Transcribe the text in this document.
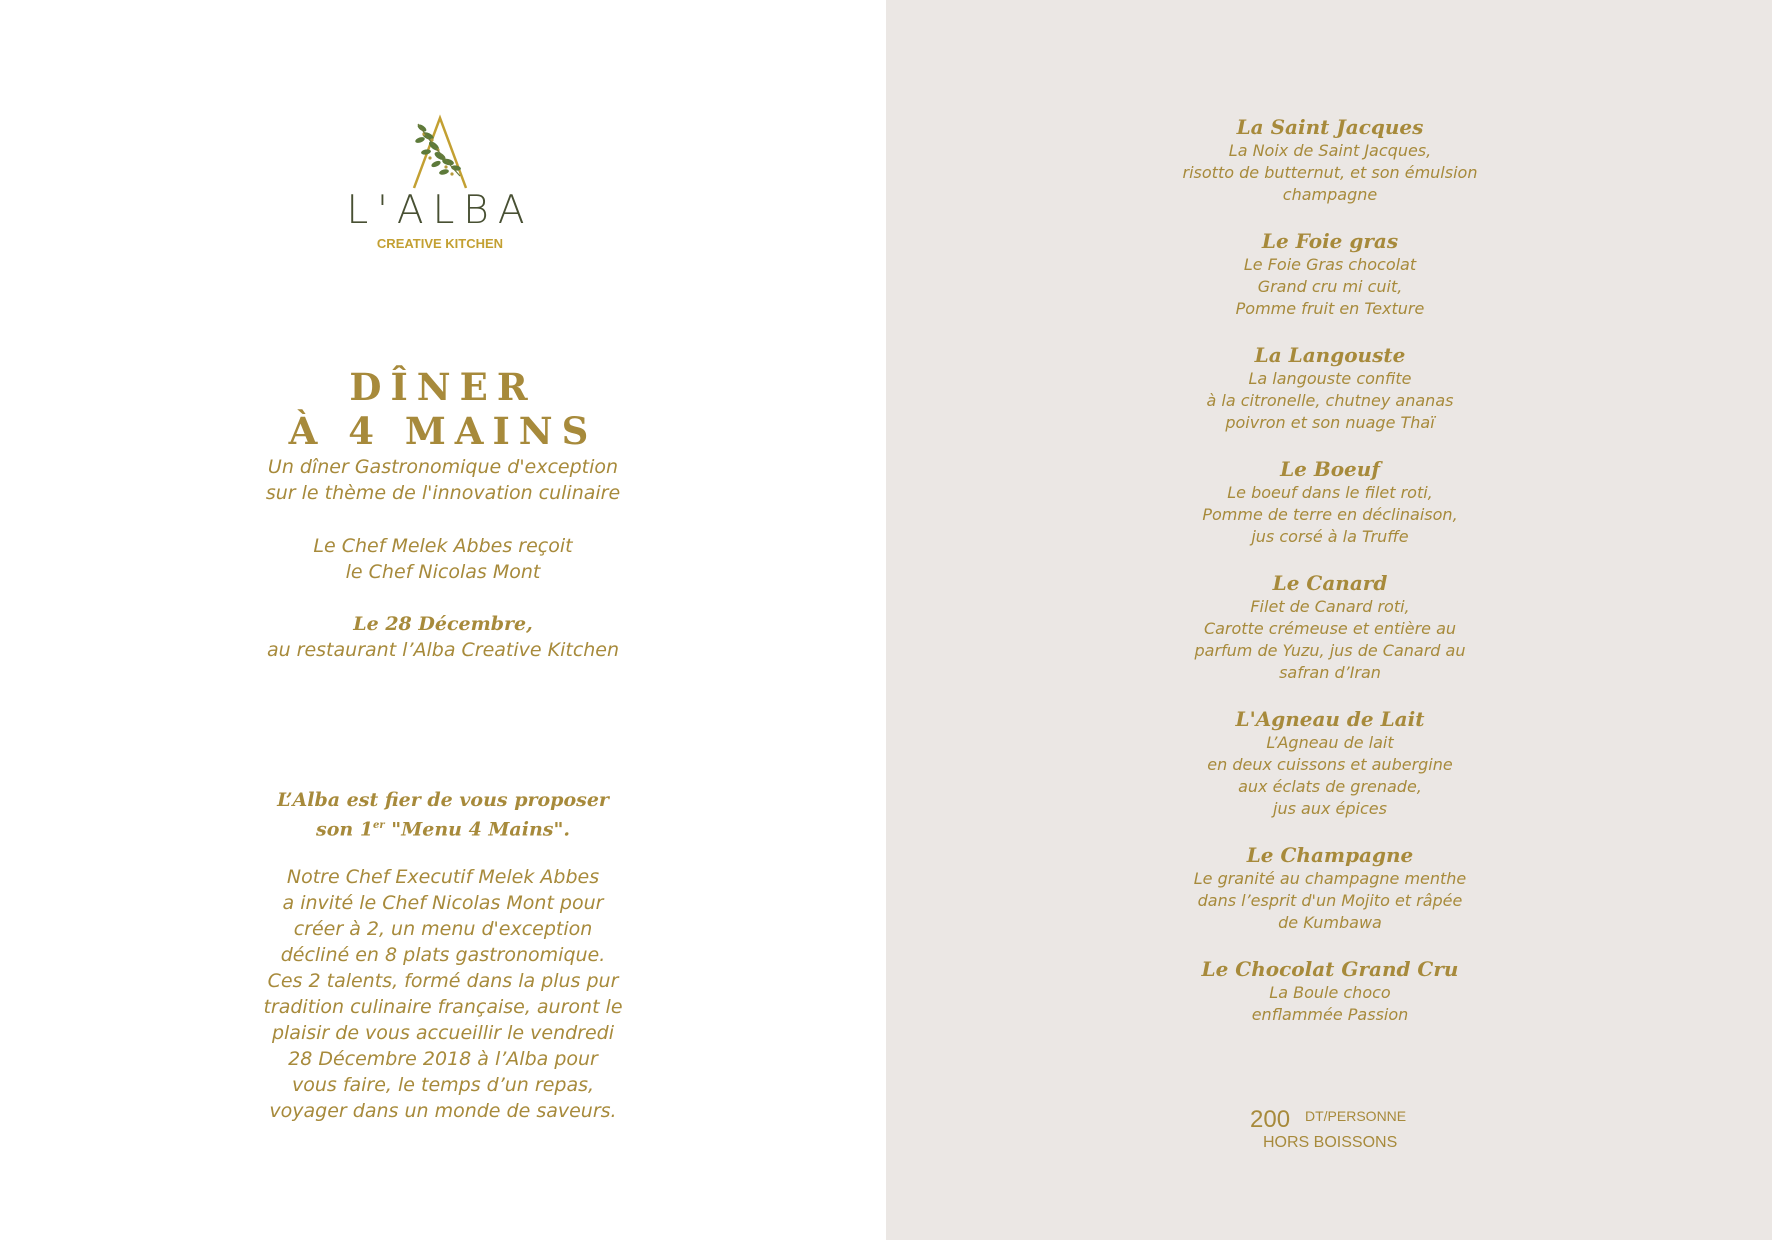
L'ALBA
CREATIVE KITCHEN
DÎNER
À 4 MAINS
Un dîner Gastronomique d'exception
sur le thème de l'innovation culinaire
Le Chef Melek Abbes reçoit
le Chef Nicolas Mont
Le 28 Décembre,
au restaurant l’Alba Creative Kitchen
L’Alba est fier de vous proposer
son 1er "Menu 4 Mains".
Notre Chef Executif Melek Abbes
a invité le Chef Nicolas Mont pour
créer à 2, un menu d'exception
décliné en 8 plats gastronomique.
Ces 2 talents, formé dans la plus pur
tradition culinaire française, auront le
plaisir de vous accueillir le vendredi
28 Décembre 2018 à l’Alba pour
vous faire, le temps d’un repas,
voyager dans un monde de saveurs.
La Saint Jacques
La Noix de Saint Jacques,
risotto de butternut, et son émulsion
champagne
Le Foie gras
Le Foie Gras chocolat
Grand cru mi cuit,
Pomme fruit en Texture
La Langouste
La langouste confite
à la citronelle, chutney ananas
poivron et son nuage Thaï
Le Boeuf
Le boeuf dans le filet roti,
Pomme de terre en déclinaison,
jus corsé à la Truffe
Le Canard
Filet de Canard roti,
Carotte crémeuse et entière au
parfum de Yuzu, jus de Canard au
safran d’Iran
L'Agneau de Lait
L’Agneau de lait
en deux cuissons et aubergine
aux éclats de grenade,
jus aux épices
Le Champagne
Le granité au champagne menthe
dans l’esprit d'un Mojito et râpée
de Kumbawa
Le Chocolat Grand Cru
La Boule choco
enflammée Passion
200 DT/PERSONNE
HORS BOISSONS
